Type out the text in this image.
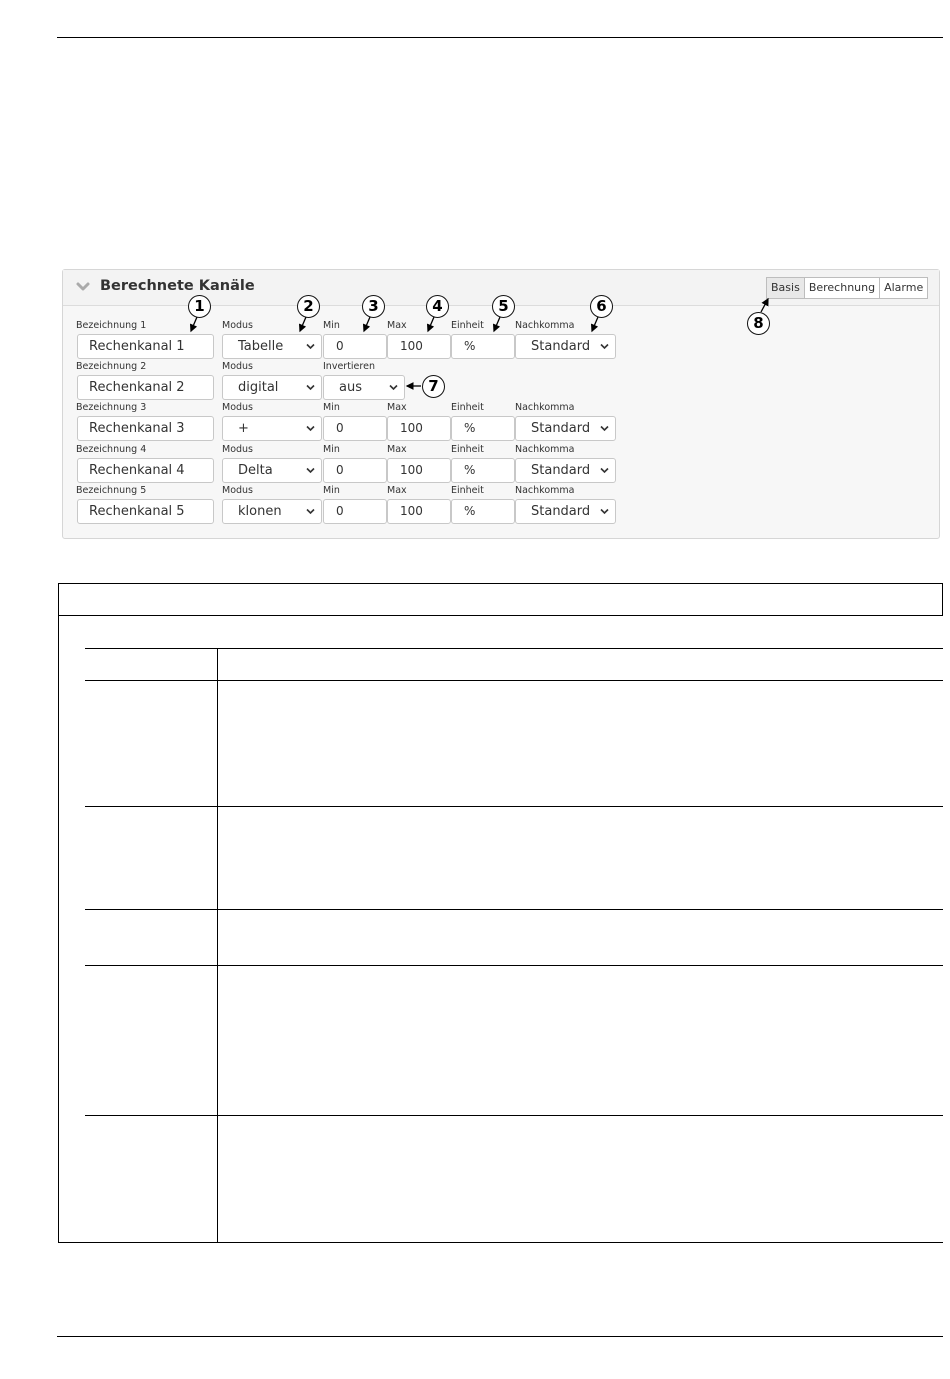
Berechnete Kanäle	Basis Berechnung Alarme
Bezeichnung 1
Rechenkanal 1
Modus
Tabelle
Min
0
Max
100
Einheit
%
Nachkomma
Standard
Bezeichnung 2
Rechenkanal 2
Modus
digital
Invertieren
aus
Bezeichnung 3
Rechenkanal 3
Modus
+
Min
0
Max
100
Einheit
%
Nachkomma
Standard
Bezeichnung 4
Rechenkanal 4
Modus
Delta
Min
0
Max
100
Einheit
%
Nachkomma
Standard
Bezeichnung 5
Rechenkanal 5
Modus
klonen
Min
0
Max
100
Einheit
%
Nachkomma
Standard
1	2	3	4	5	6
7
8
